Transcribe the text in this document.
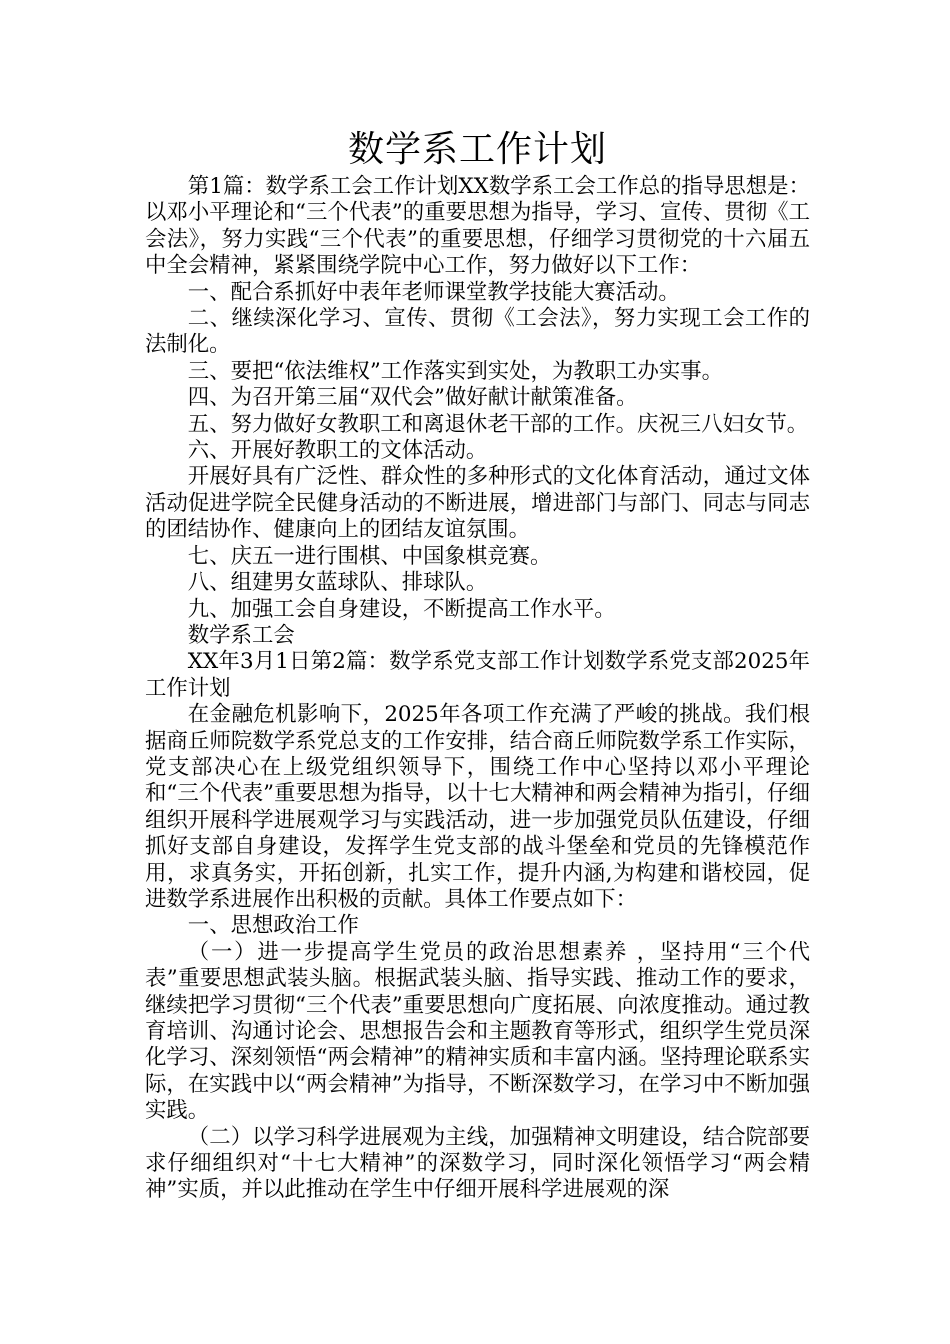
数学系工作计划

第1篇：数学系工会工作计划XX数学系工会工作总的指导思想是：以邓小平理论和“三个代表”的重要思想为指导，学习、宣传、贯彻《工会法》，努力实践“三个代表”的重要思想，仔细学习贯彻党的十六届五中全会精神，紧紧围绕学院中心工作，努力做好以下工作：

一、配合系抓好中表年老师课堂教学技能大赛活动。

二、继续深化学习、宣传、贯彻《工会法》，努力实现工会工作的法制化。

三、要把“依法维权”工作落实到实处，为教职工办实事。

四、为召开第三届“双代会”做好献计献策准备。

五、努力做好女教职工和离退休老干部的工作。庆祝三八妇女节。

六、开展好教职工的文体活动。

开展好具有广泛性、群众性的多种形式的文化体育活动，通过文体活动促进学院全民健身活动的不断进展，增进部门与部门、同志与同志的团结协作、健康向上的团结友谊氛围。

七、庆五一进行围棋、中国象棋竞赛。

八、组建男女蓝球队、排球队。

九、加强工会自身建设，不断提高工作水平。

数学系工会

XX年3月1日第2篇：数学系党支部工作计划数学系党支部2025年工作计划

在金融危机影响下，2025年各项工作充满了严峻的挑战。我们根据商丘师院数学系党总支的工作安排，结合商丘师院数学系工作实际，党支部决心在上级党组织领导下，围绕工作中心坚持以邓小平理论和“三个代表”重要思想为指导，以十七大精神和两会精神为指引，仔细组织开展科学进展观学习与实践活动，进一步加强党员队伍建设，仔细抓好支部自身建设，发挥学生党支部的战斗堡垒和党员的先锋模范作用，求真务实，开拓创新，扎实工作，提升内涵,为构建和谐校园，促进数学系进展作出积极的贡献。具体工作要点如下：

一、思想政治工作

（一）进一步提高学生党员的政治思想素养 ，坚持用“三个代表”重要思想武装头脑。根据武装头脑、指导实践、推动工作的要求，继续把学习贯彻“三个代表”重要思想向广度拓展、向浓度推动。通过教育培训、沟通讨论会、思想报告会和主题教育等形式，组织学生党员深化学习、深刻领悟“两会精神”的精神实质和丰富内涵。坚持理论联系实际，在实践中以“两会精神”为指导，不断深数学习，在学习中不断加强实践。

（二）以学习科学进展观为主线，加强精神文明建设，结合院部要求仔细组织对“十七大精神”的深数学习，同时深化领悟学习“两会精神”实质，并以此推动在学生中仔细开展科学进展观的深
